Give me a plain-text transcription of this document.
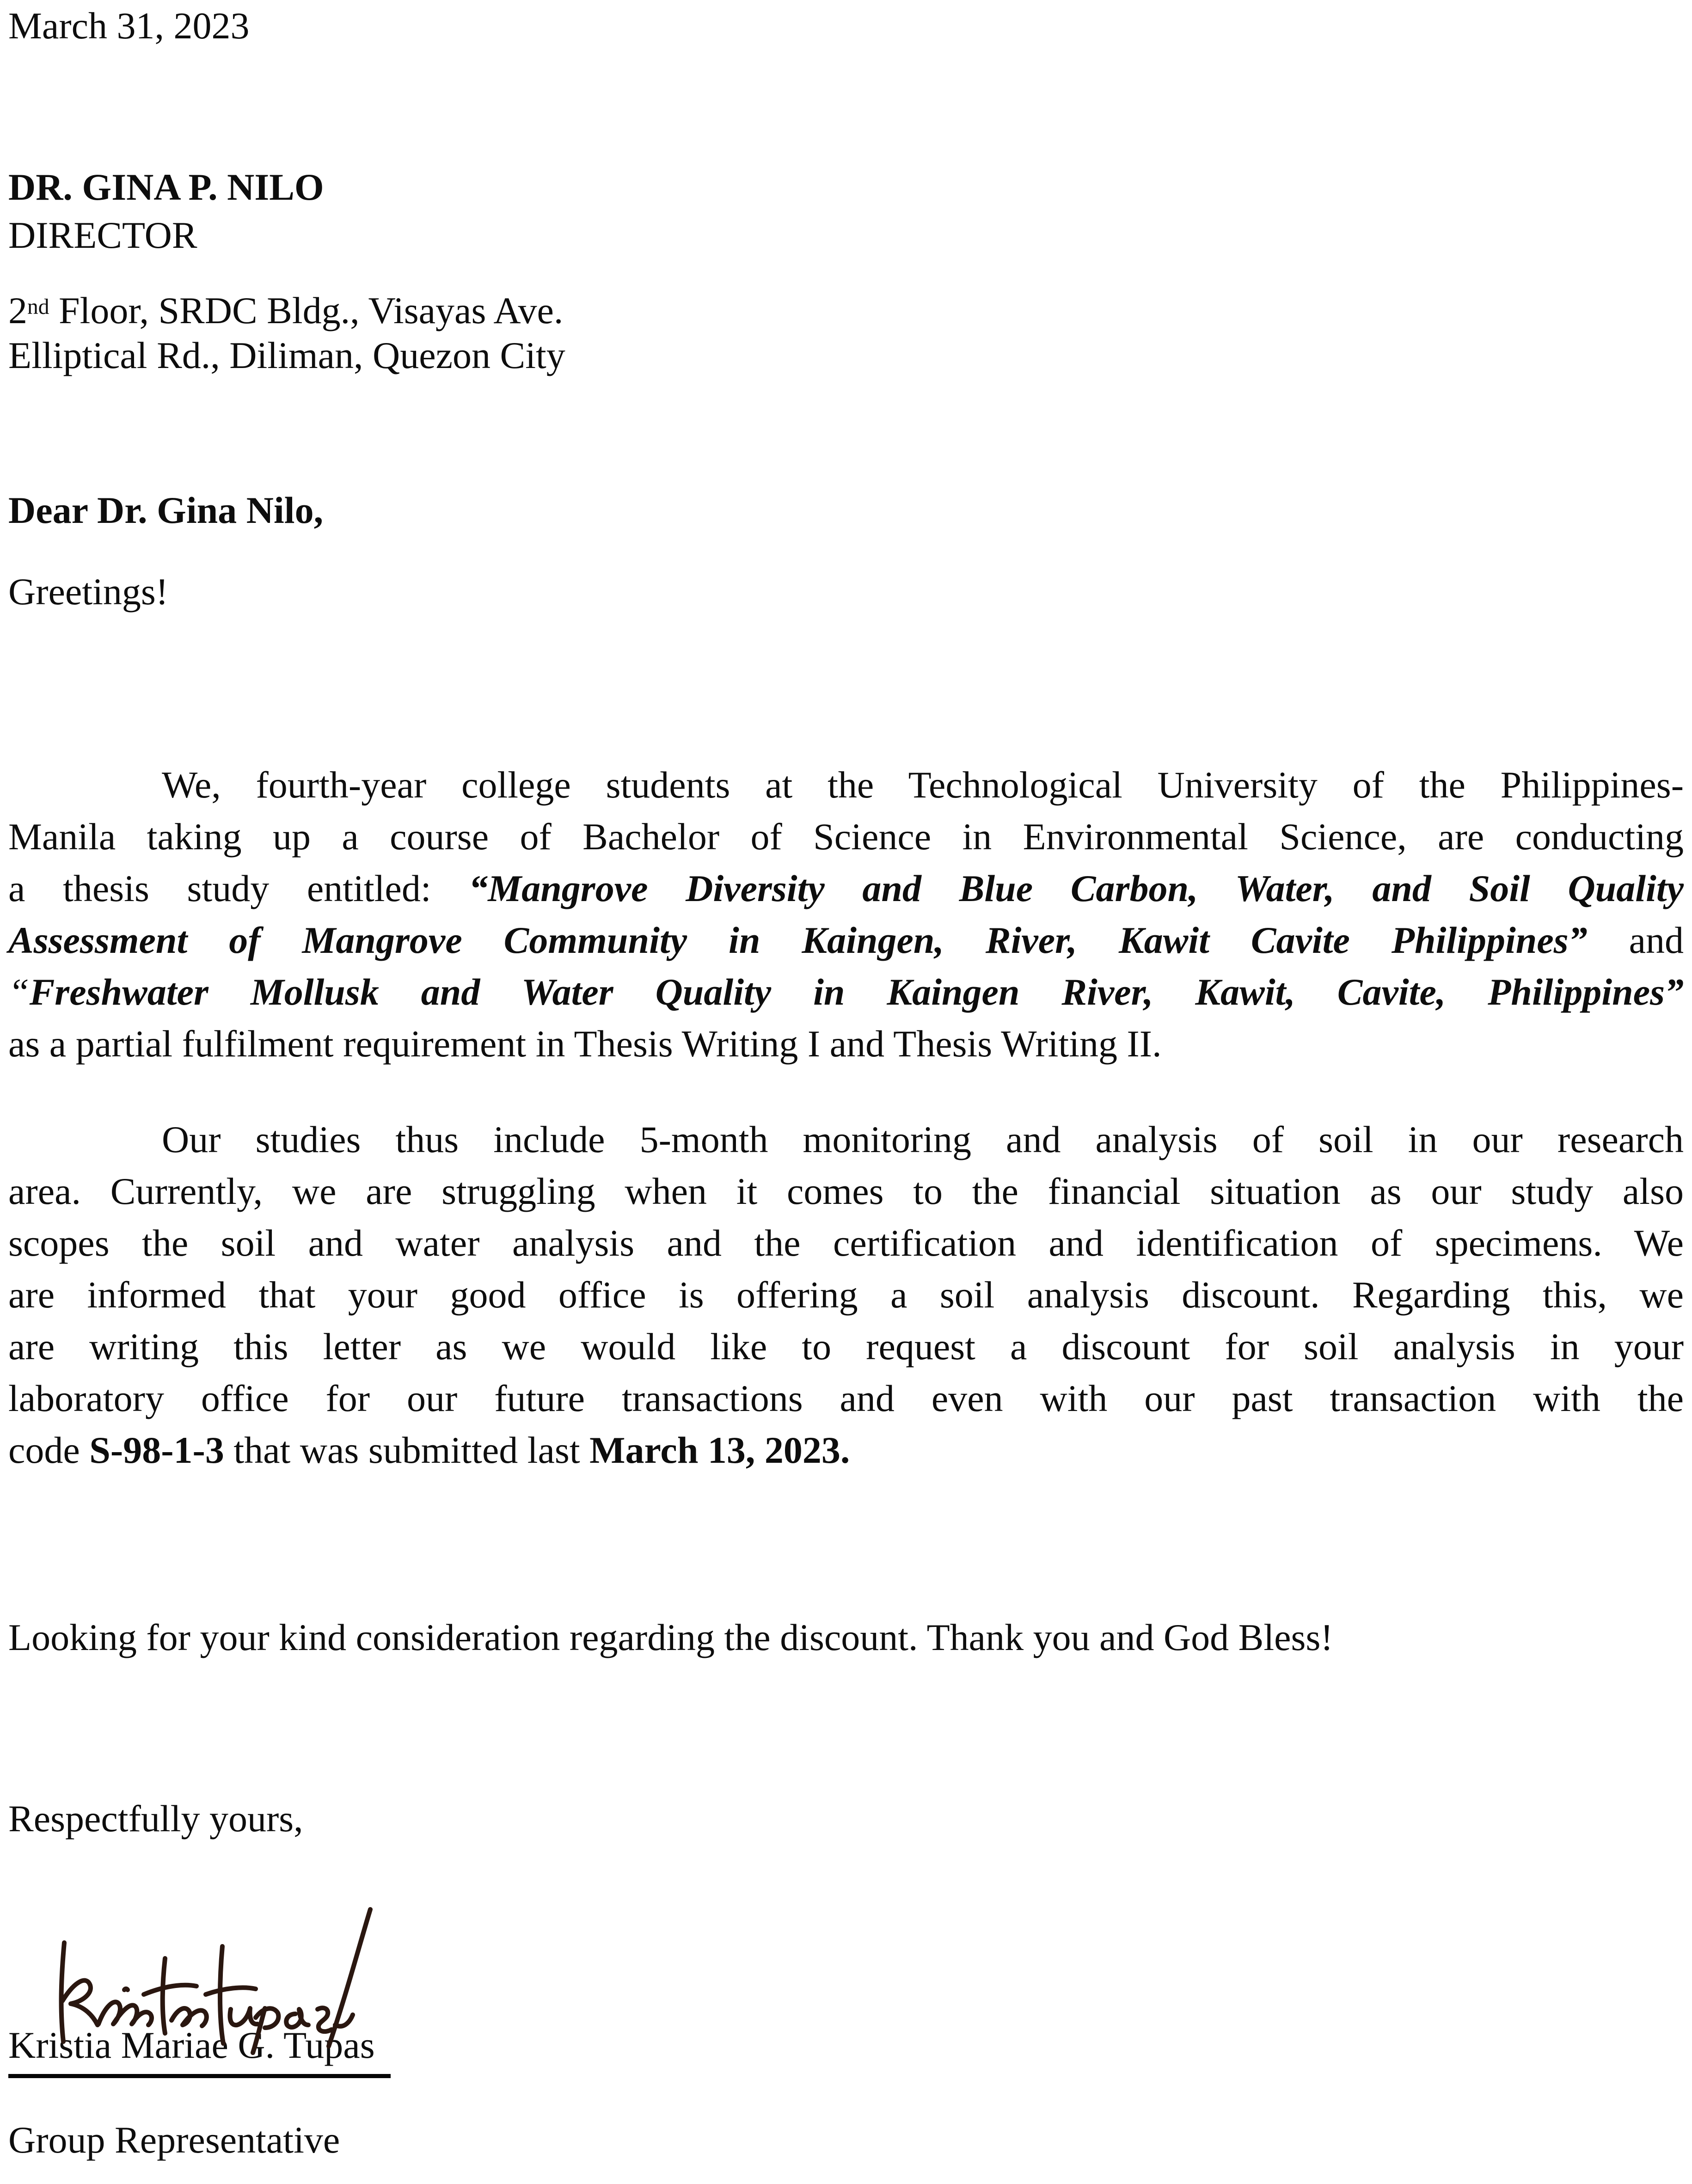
March 31, 2023
DR. GINA P. NILO
DIRECTOR
2nd Floor, SRDC Bldg., Visayas Ave.
Elliptical Rd., Diliman, Quezon City
Dear Dr. Gina Nilo,
Greetings!
We, fourth-year college students at the Technological University of the Philippines-
Manila taking up a course of Bachelor of Science in Environmental Science, are conducting
a thesis study entitled: “Mangrove Diversity and Blue Carbon, Water, and Soil Quality
Assessment of Mangrove Community in Kaingen, River, Kawit Cavite Philippines” and
“Freshwater Mollusk and Water Quality in Kaingen River, Kawit, Cavite, Philippines”
as a partial fulfilment requirement in Thesis Writing I and Thesis Writing II.
Our studies thus include 5-month monitoring and analysis of soil in our research
area. Currently, we are struggling when it comes to the financial situation as our study also
scopes the soil and water analysis and the certification and identification of specimens. We
are informed that your good office is offering a soil analysis discount. Regarding this, we
are writing this letter as we would like to request a discount for soil analysis in your
laboratory office for our future transactions and even with our past transaction with the
code S-98-1-3 that was submitted last March 13, 2023.
Looking for your kind consideration regarding the discount. Thank you and God Bless!
Respectfully yours,
Kristia Mariae G. Tupas
Group Representative
